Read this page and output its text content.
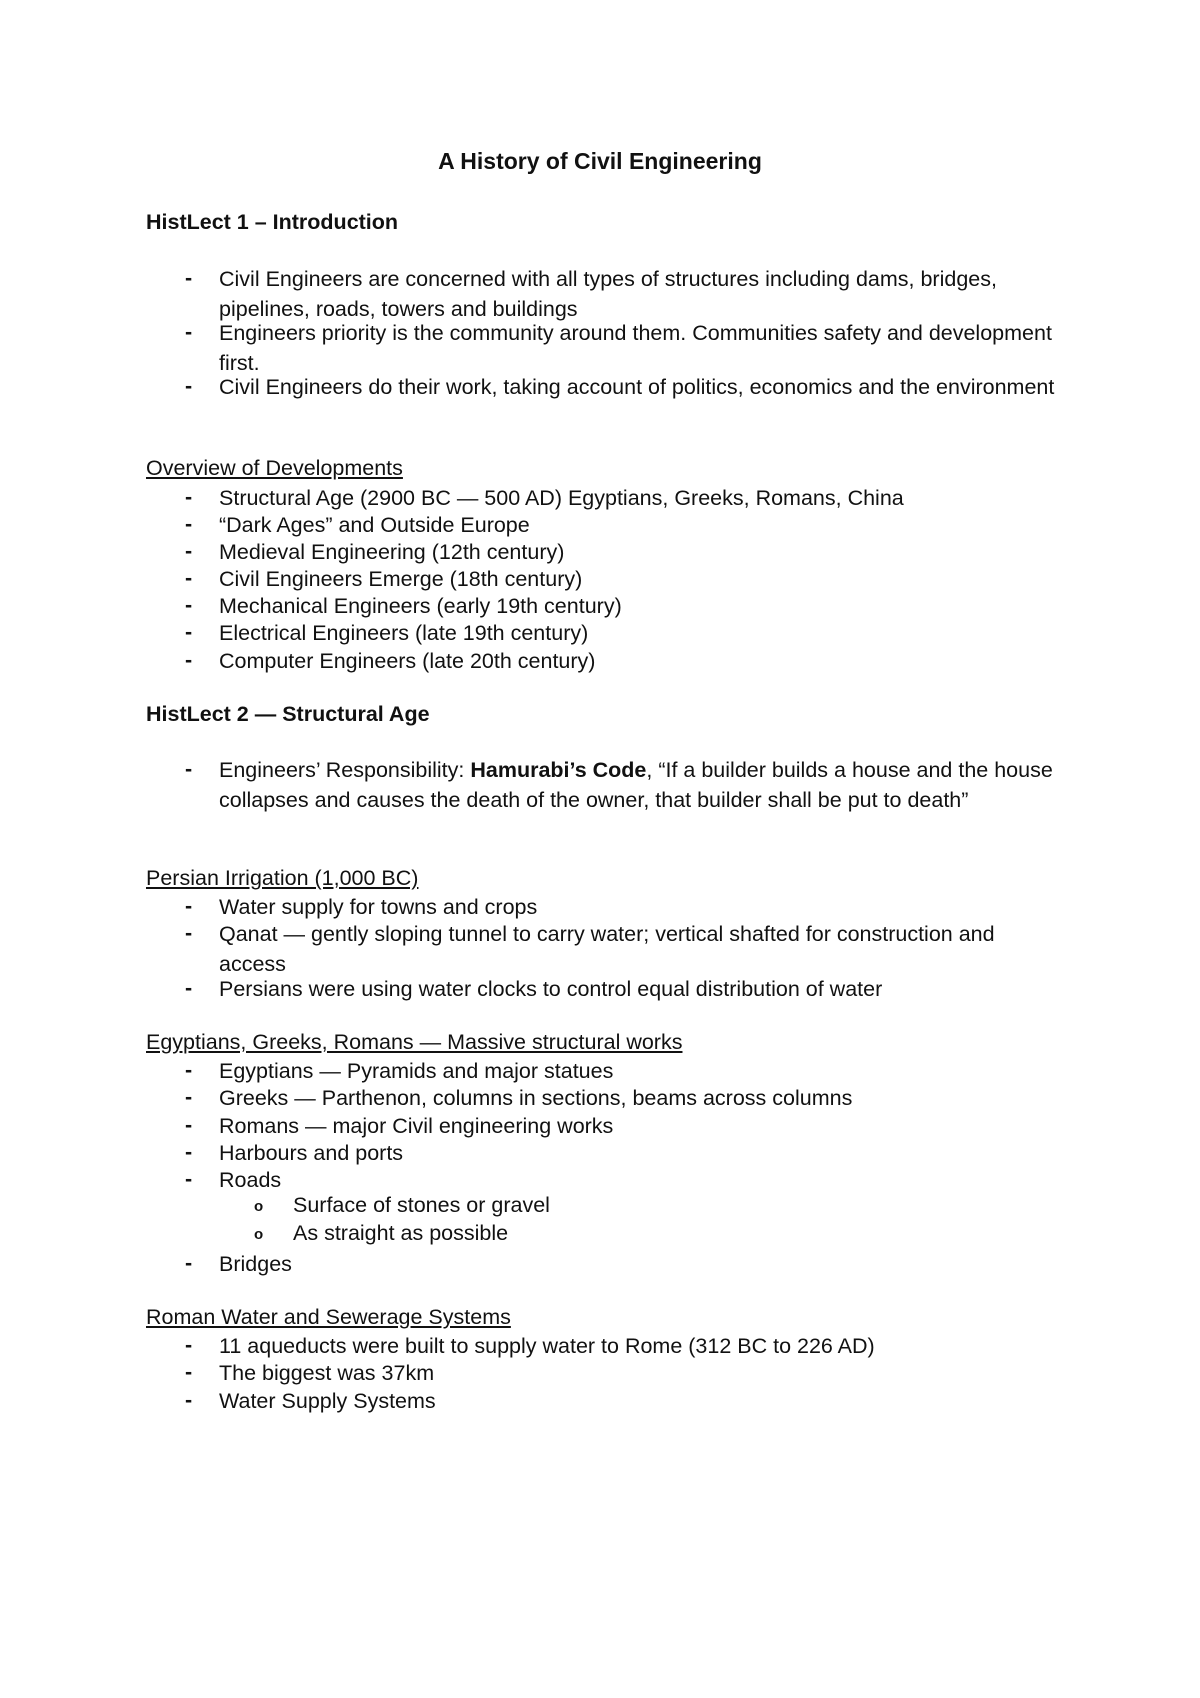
A History of Civil Engineering
HistLect 1 – Introduction
-	Civil Engineers are concerned with all types of structures including dams, bridges, pipelines, roads, towers and buildings
-	Engineers priority is the community around them. Communities safety and development first.
-	Civil Engineers do their work, taking account of politics, economics and the environment
Overview of Developments
-	Structural Age (2900 BC — 500 AD) Egyptians, Greeks, Romans, China
-	“Dark Ages” and Outside Europe
-	Medieval Engineering (12th century)
-	Civil Engineers Emerge (18th century)
-	Mechanical Engineers (early 19th century)
-	Electrical Engineers (late 19th century)
-	Computer Engineers (late 20th century)
HistLect 2 — Structural Age
-	Engineers’ Responsibility: Hamurabi’s Code, “If a builder builds a house and the house collapses and causes the death of the owner, that builder shall be put to death”
Persian Irrigation (1,000 BC)
-	Water supply for towns and crops
-	Qanat — gently sloping tunnel to carry water; vertical shafted for construction and access
-	Persians were using water clocks to control equal distribution of water
Egyptians, Greeks, Romans — Massive structural works
-	Egyptians — Pyramids and major statues
-	Greeks — Parthenon, columns in sections, beams across columns
-	Romans — major Civil engineering works
-	Harbours and ports
-	Roads
o Surface of stones or gravel
o As straight as possible
-	Bridges
Roman Water and Sewerage Systems
-	11 aqueducts were built to supply water to Rome (312 BC to 226 AD)
-	The biggest was 37km
-	Water Supply Systems
